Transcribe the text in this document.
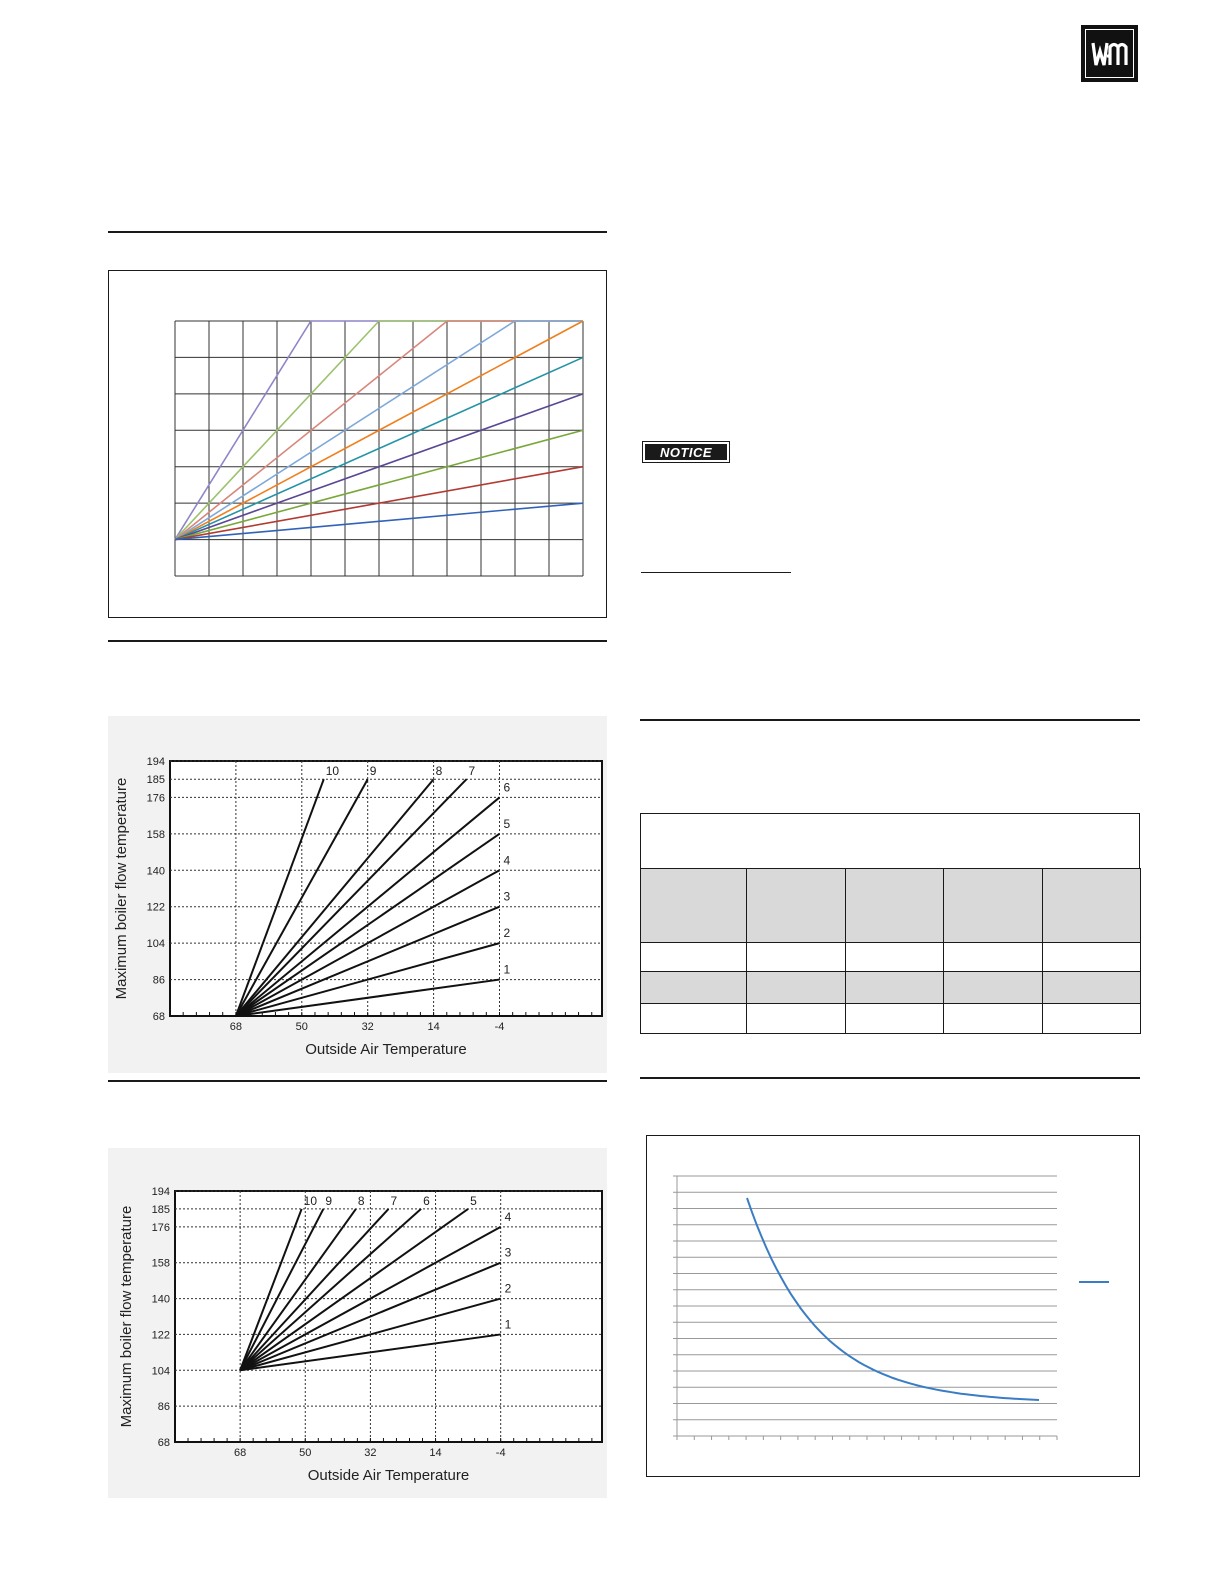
194
185
176
158
140
122
104
86
68
68	50	32	14	-4
Outside Air Temperature
Maximum boiler flow temperature	1
2
3
4
5
6
7
8
9
10
194
185
176
158
140
122
104
86
68
68	50	32	14	-4
Outside Air Temperature
Maximum boiler flow temperature	1
2
3
4
5
6
7
8
9
10
NOTICE
